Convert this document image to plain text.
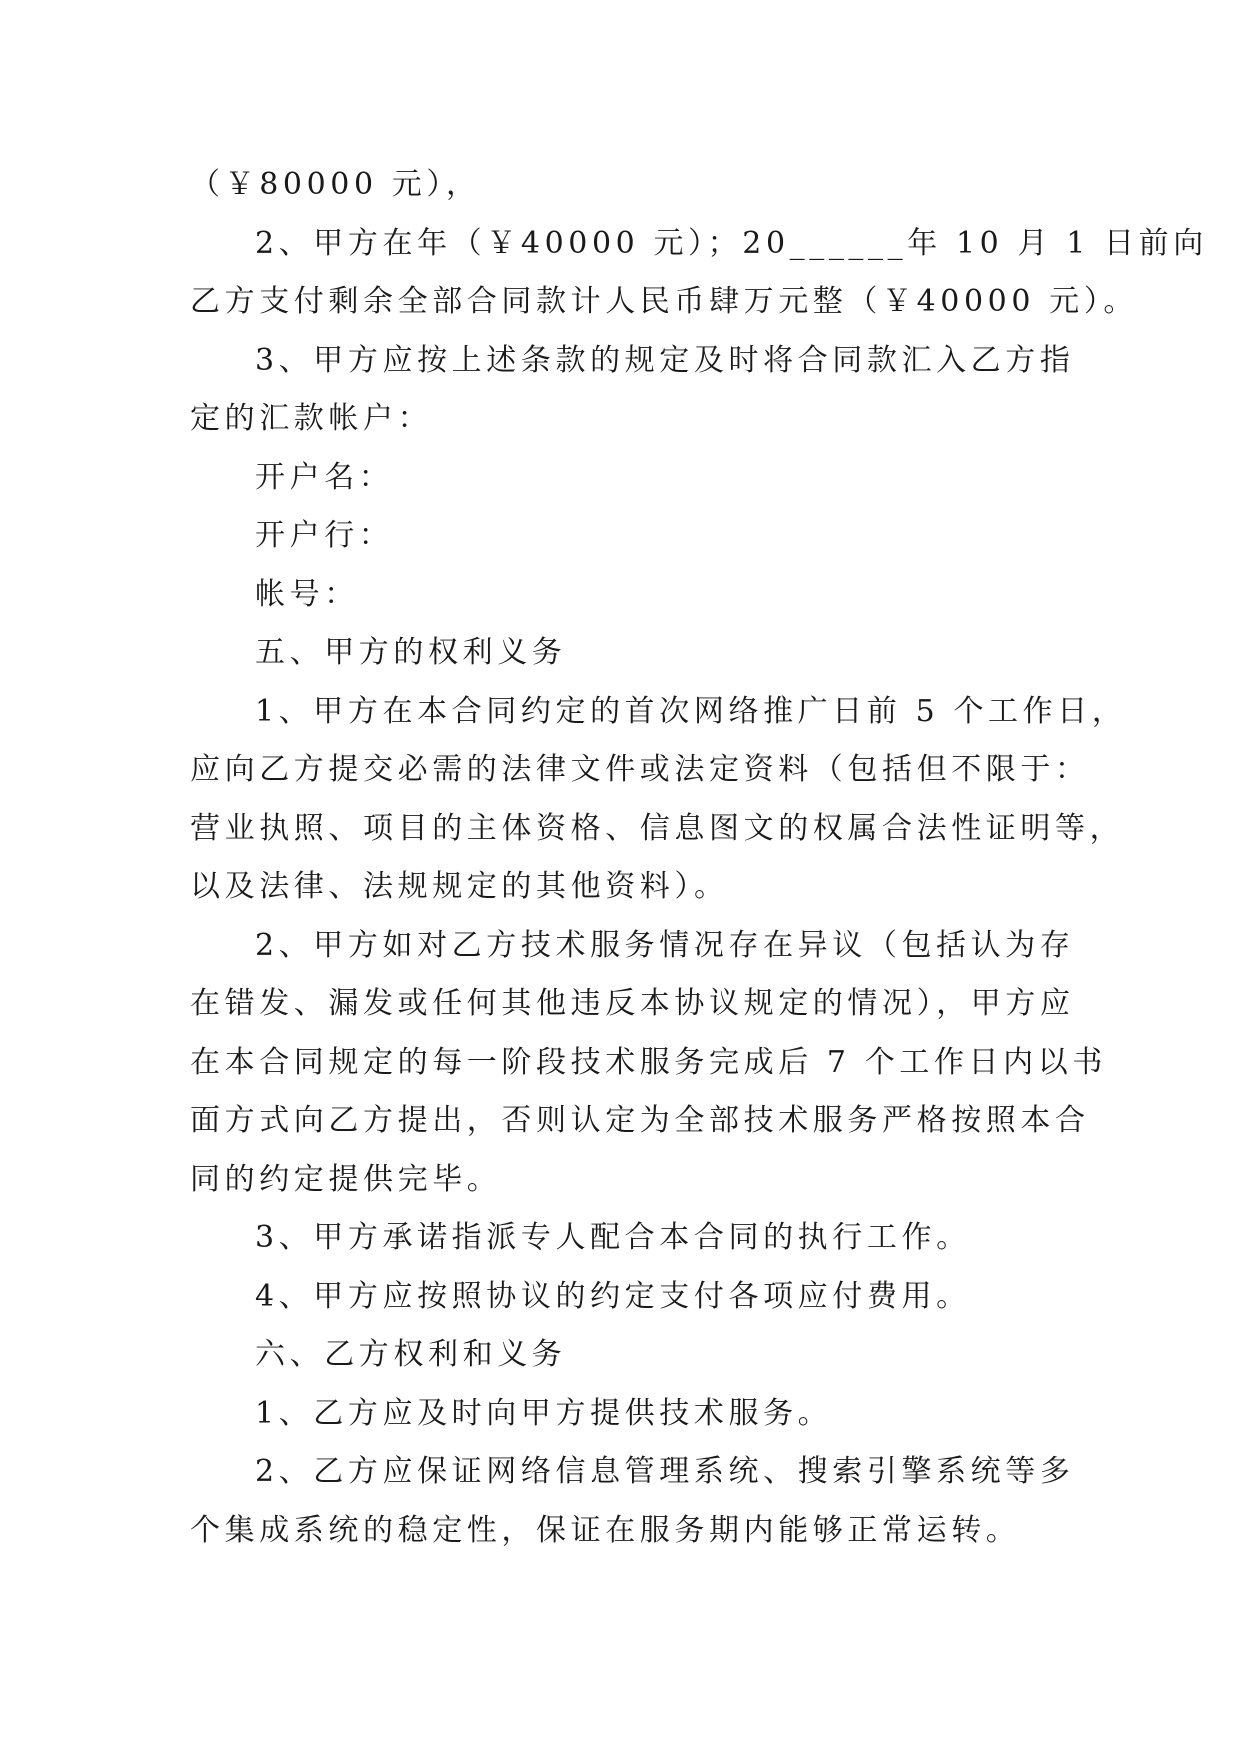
（￥80000 元），
2、甲方在年（￥40000 元）；20______年 10 月 1 日前向
乙方支付剩余全部合同款计人民币肆万元整（￥40000 元）。
3、甲方应按上述条款的规定及时将合同款汇入乙方指
定的汇款帐户：
开户名：
开户行：
帐号：
五、甲方的权利义务
1、甲方在本合同约定的首次网络推广日前 5 个工作日，
应向乙方提交必需的法律文件或法定资料（包括但不限于：
营业执照、项目的主体资格、信息图文的权属合法性证明等，
以及法律、法规规定的其他资料）。
2、甲方如对乙方技术服务情况存在异议（包括认为存
在错发、漏发或任何其他违反本协议规定的情况），甲方应
在本合同规定的每一阶段技术服务完成后 7 个工作日内以书
面方式向乙方提出，否则认定为全部技术服务严格按照本合
同的约定提供完毕。
3、甲方承诺指派专人配合本合同的执行工作。
4、甲方应按照协议的约定支付各项应付费用。
六、乙方权利和义务
1、乙方应及时向甲方提供技术服务。
2、乙方应保证网络信息管理系统、搜索引擎系统等多
个集成系统的稳定性，保证在服务期内能够正常运转。
